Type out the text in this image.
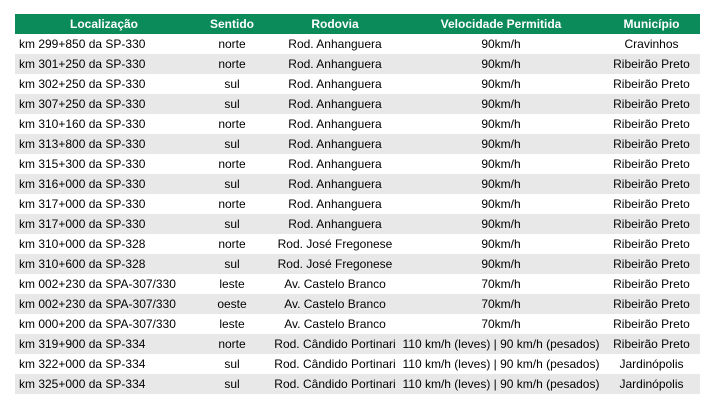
Localização	Sentido	Rodovia	Velocidade Permitida	Município
km 299+850 da SP-330	norte	Rod. Anhanguera	90km/h	Cravinhos
km 301+250 da SP-330	norte	Rod. Anhanguera	90km/h	Ribeirão Preto
km 302+250 da SP-330	sul	Rod. Anhanguera	90km/h	Ribeirão Preto
km 307+250 da SP-330	sul	Rod. Anhanguera	90km/h	Ribeirão Preto
km 310+160 da SP-330	norte	Rod. Anhanguera	90km/h	Ribeirão Preto
km 313+800 da SP-330	sul	Rod. Anhanguera	90km/h	Ribeirão Preto
km 315+300 da SP-330	norte	Rod. Anhanguera	90km/h	Ribeirão Preto
km 316+000 da SP-330	sul	Rod. Anhanguera	90km/h	Ribeirão Preto
km 317+000 da SP-330	norte	Rod. Anhanguera	90km/h	Ribeirão Preto
km 317+000 da SP-330	sul	Rod. Anhanguera	90km/h	Ribeirão Preto
km 310+000 da SP-328	norte	Rod. José Fregonese	90km/h	Ribeirão Preto
km 310+600 da SP-328	sul	Rod. José Fregonese	90km/h	Ribeirão Preto
km 002+230 da SPA-307/330	leste	Av. Castelo Branco	70km/h	Ribeirão Preto
km 002+230 da SPA-307/330	oeste	Av. Castelo Branco	70km/h	Ribeirão Preto
km 000+200 da SPA-307/330	leste	Av. Castelo Branco	70km/h	Ribeirão Preto
km 319+900 da SP-334	norte	Rod. Cândido Portinari	110 km/h (leves) | 90 km/h (pesados)	Ribeirão Preto
km 322+000 da SP-334	sul	Rod. Cândido Portinari	110 km/h (leves) | 90 km/h (pesados)	Jardinópolis
km 325+000 da SP-334	sul	Rod. Cândido Portinari	110 km/h (leves) | 90 km/h (pesados)	Jardinópolis
